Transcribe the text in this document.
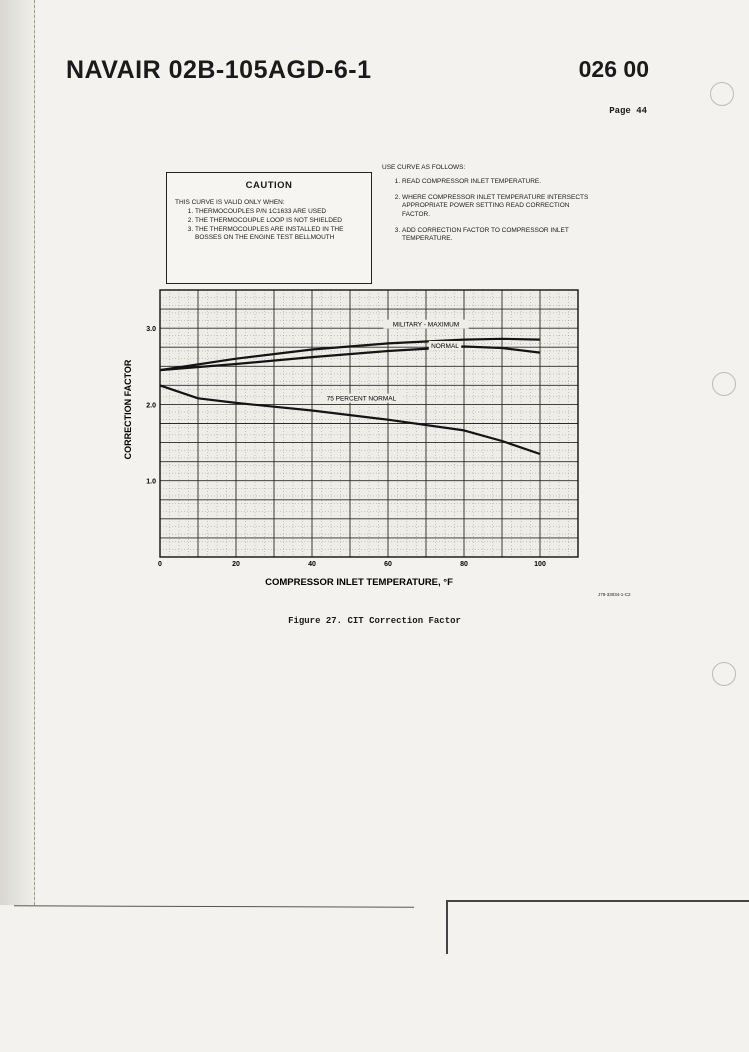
NAVAIR 02B-105AGD-6-1	026 00
Page 44
CAUTION

THIS CURVE IS VALID ONLY WHEN:

1. THERMOCOUPLES P/N 1C1633 ARE USED
2. THE THERMOCOUPLE LOOP IS NOT SHIELDED
3. THE THERMOCOUPLES ARE INSTALLED IN THE BOSSES ON THE ENGINE TEST BELLMOUTH

USE CURVE AS FOLLOWS:

1. READ COMPRESSOR INLET TEMPERATURE.
2. WHERE COMPRESSOR INLET TEMPERATURE INTERSECTS APPROPRIATE POWER SETTING READ CORRECTION FACTOR.
3. ADD CORRECTION FACTOR TO COMPRESSOR INLET TEMPERATURE.
0	20	40	60	80	100
1.0
2.0
3.0
COMPRESSOR INLET TEMPERATURE, °F
CORRECTION FACTOR
MILITARY - MAXIMUM
NORMAL
75 PERCENT NORMAL
J79-33034-1-C2
Figure 27. CIT Correction Factor
